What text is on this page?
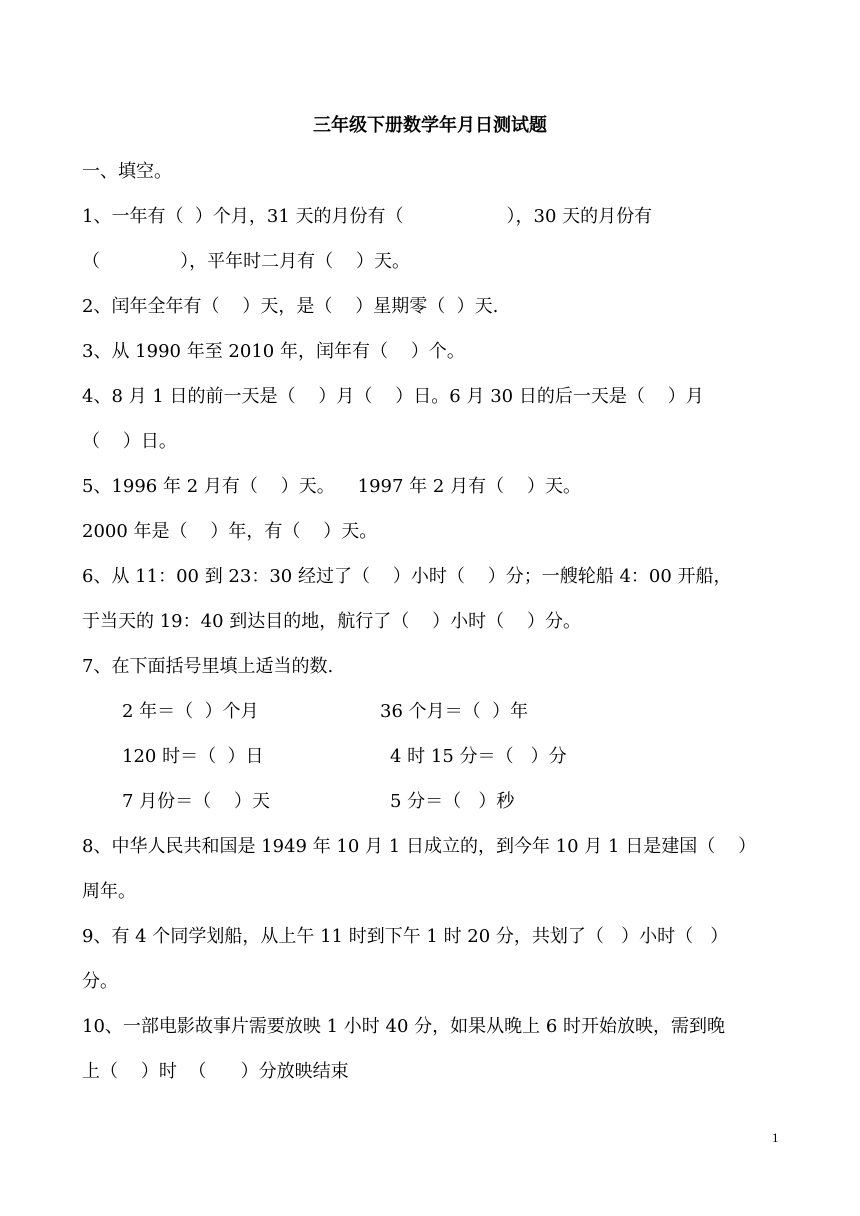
三年级下册数学年月日测试题
一、填空。
1、一年有（  ）个月，31 天的月份有（                  ），30 天的月份有
（              ），平年时二月有（    ）天。
2、闰年全年有（    ）天，是（    ）星期零（  ）天.
3、从 1990 年至 2010 年，闰年有（    ）个。
4、8 月 1 日的前一天是（    ）月（    ）日。6 月 30 日的后一天是（    ）月
（    ）日。
5、1996 年 2 月有（    ）天。    1997 年 2 月有（    ）天。
2000 年是（    ）年，有（    ）天。
6、从 11：00 到 23：30 经过了（    ）小时（    ）分；一艘轮船 4：00 开船，
于当天的 19：40 到达目的地，航行了（    ）小时（    ）分。
7、在下面括号里填上适当的数.
2 年＝（  ）个月	36 个月＝（  ）年
120 时＝（  ）日	4 时 15 分＝（   ）分
7 月份＝（    ）天	5 分＝（   ）秒
8、中华人民共和国是 1949 年 10 月 1 日成立的，到今年 10 月 1 日是建国（    ）
周年。
9、有 4 个同学划船，从上午 11 时到下午 1 时 20 分，共划了（   ）小时（   ）
分。
10、一部电影故事片需要放映 1 小时 40 分，如果从晚上 6 时开始放映，需到晚
上（    ）时  （      ）分放映结束
1
